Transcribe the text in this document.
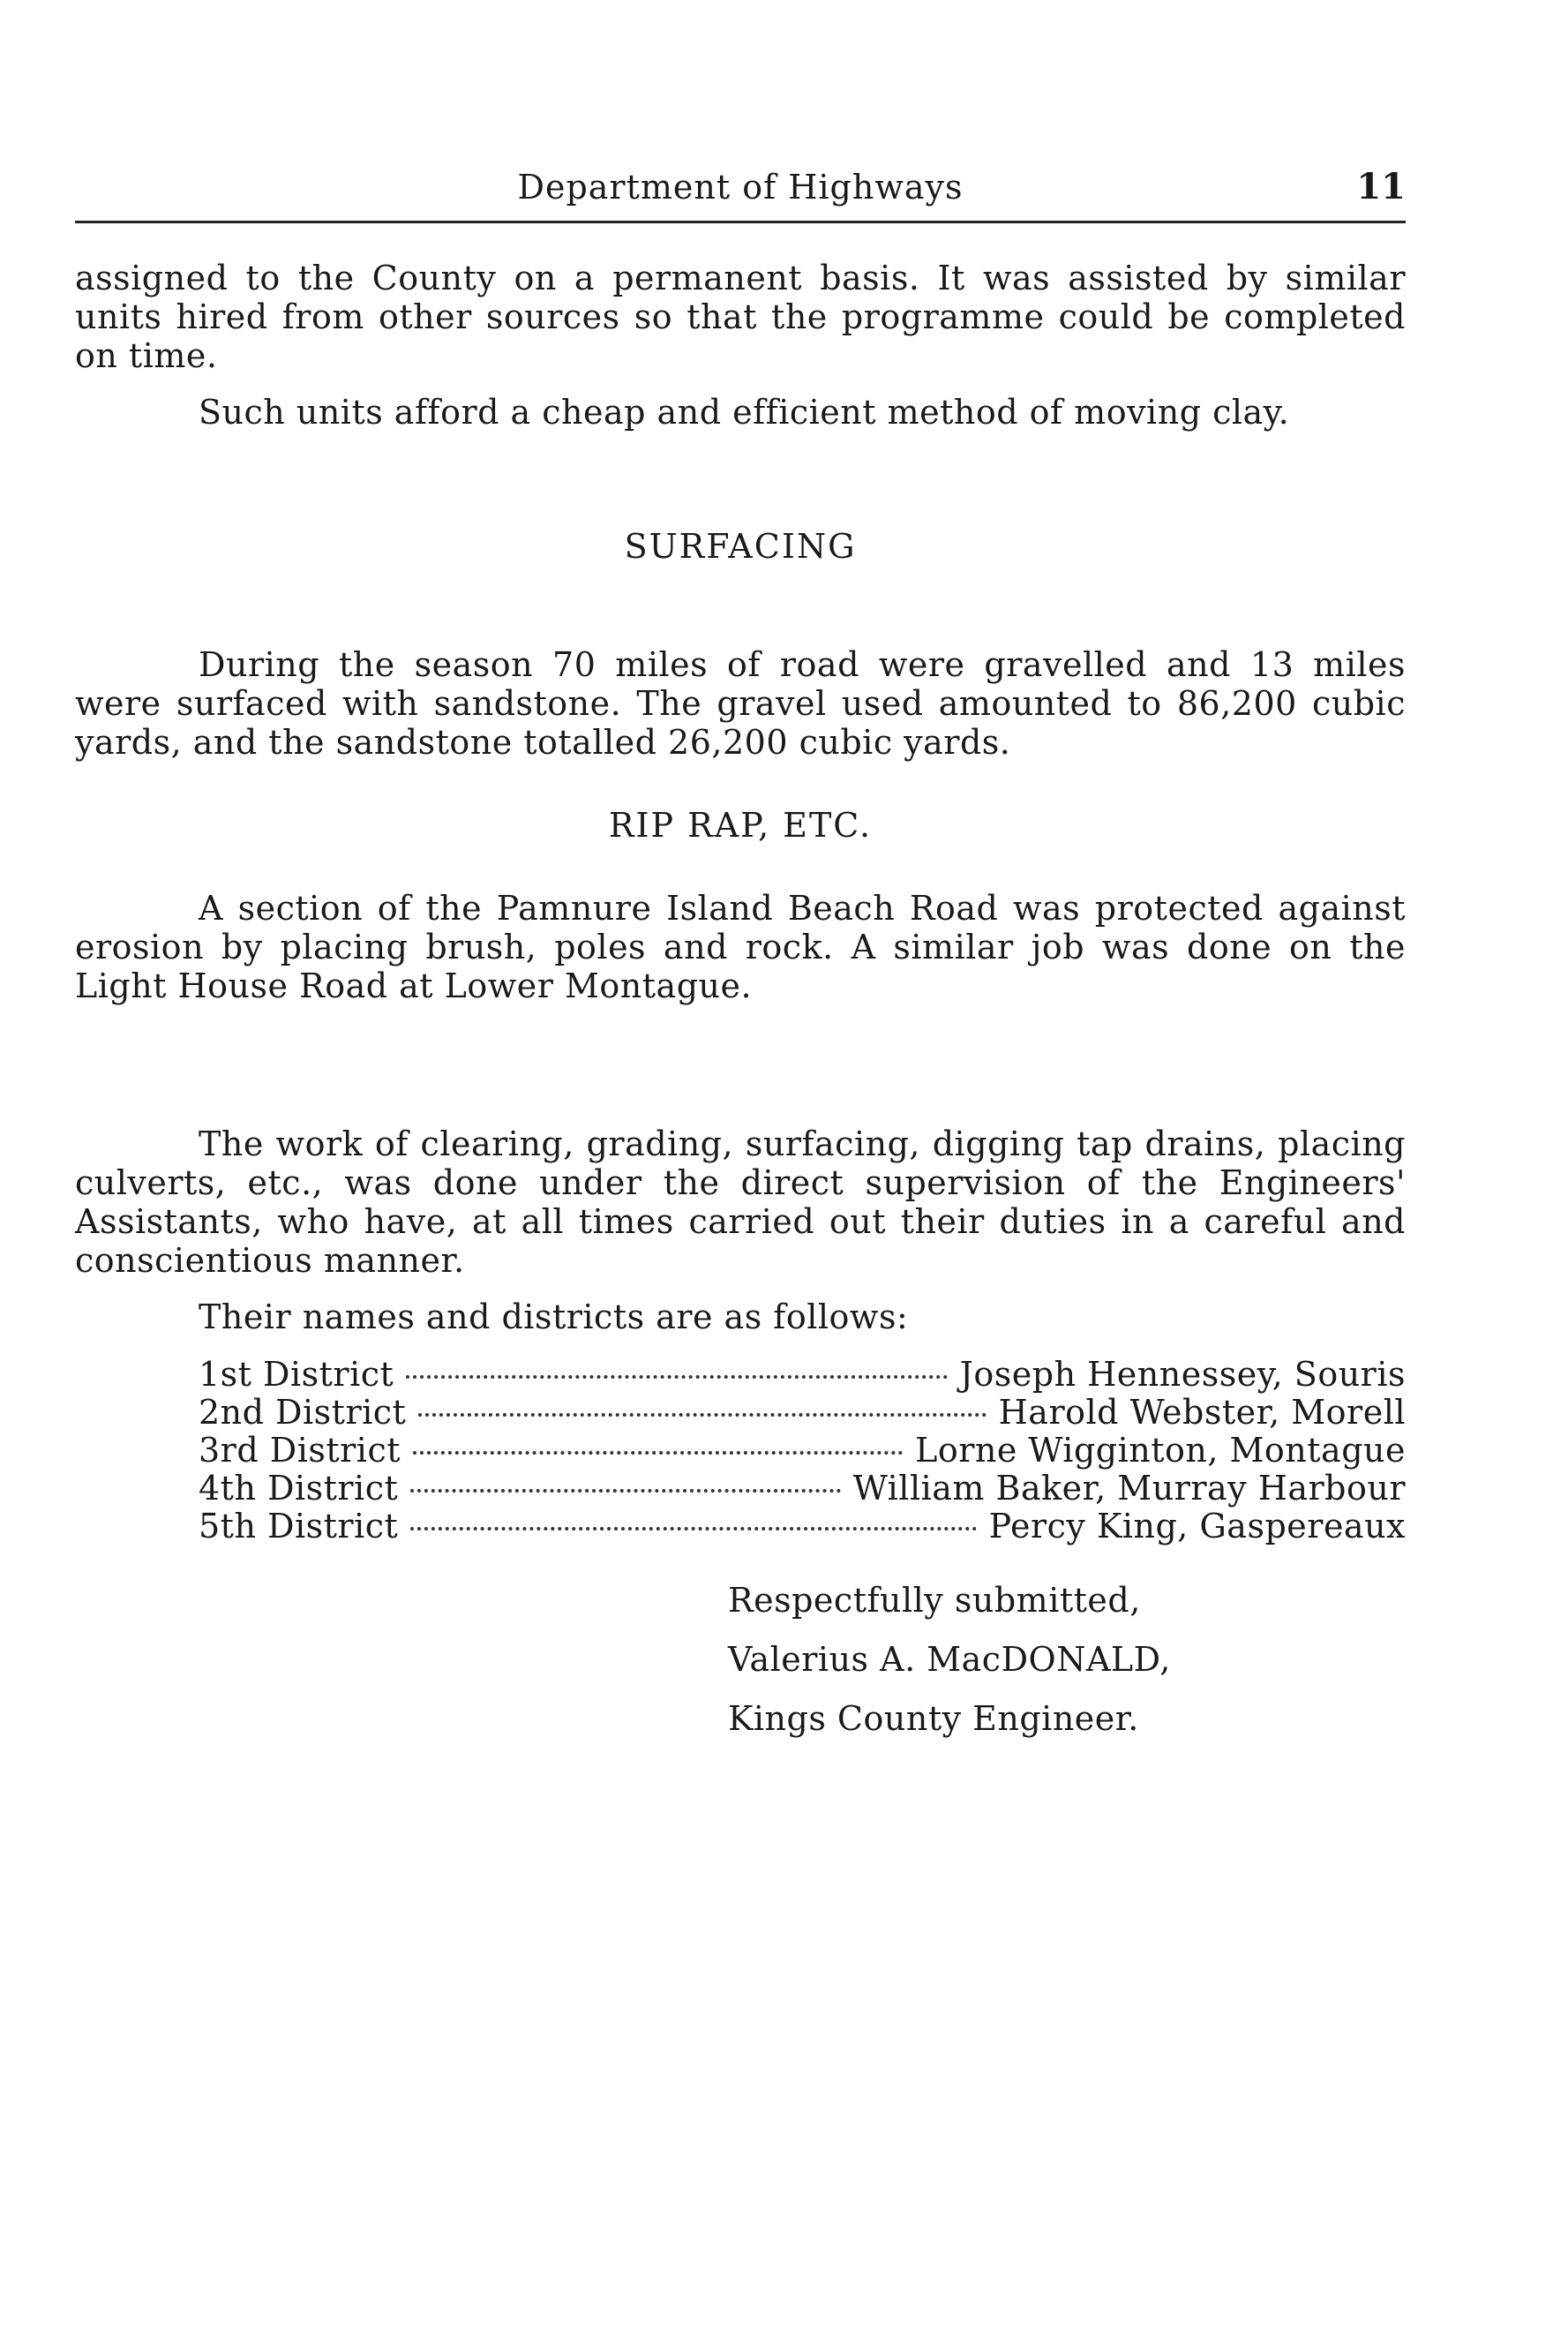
Department of Highways	11

assigned to the County on a permanent basis. It was assisted by similar units hired from other sources so that the programme could be completed on time.

Such units afford a cheap and efficient method of moving clay.

SURFACING

During the season 70 miles of road were gravelled and 13 miles were surfaced with sandstone. The gravel used amounted to 86,200 cubic yards, and the sandstone totalled 26,200 cubic yards.

RIP RAP, ETC.

A section of the Pamnure Island Beach Road was protected against erosion by placing brush, poles and rock. A similar job was done on the Light House Road at Lower Montague.

The work of clearing, grading, surfacing, digging tap drains, placing culverts, etc., was done under the direct supervision of the Engineers' Assistants, who have, at all times carried out their duties in a careful and conscientious manner.

Their names and districts are as follows:

1st District	Joseph Hennessey, Souris
2nd District	Harold Webster, Morell
3rd District	Lorne Wigginton, Montague
4th District	William Baker, Murray Harbour
5th District	Percy King, Gaspereaux
Respectfully submitted,
Valerius A. MacDONALD,
Kings County Engineer.
